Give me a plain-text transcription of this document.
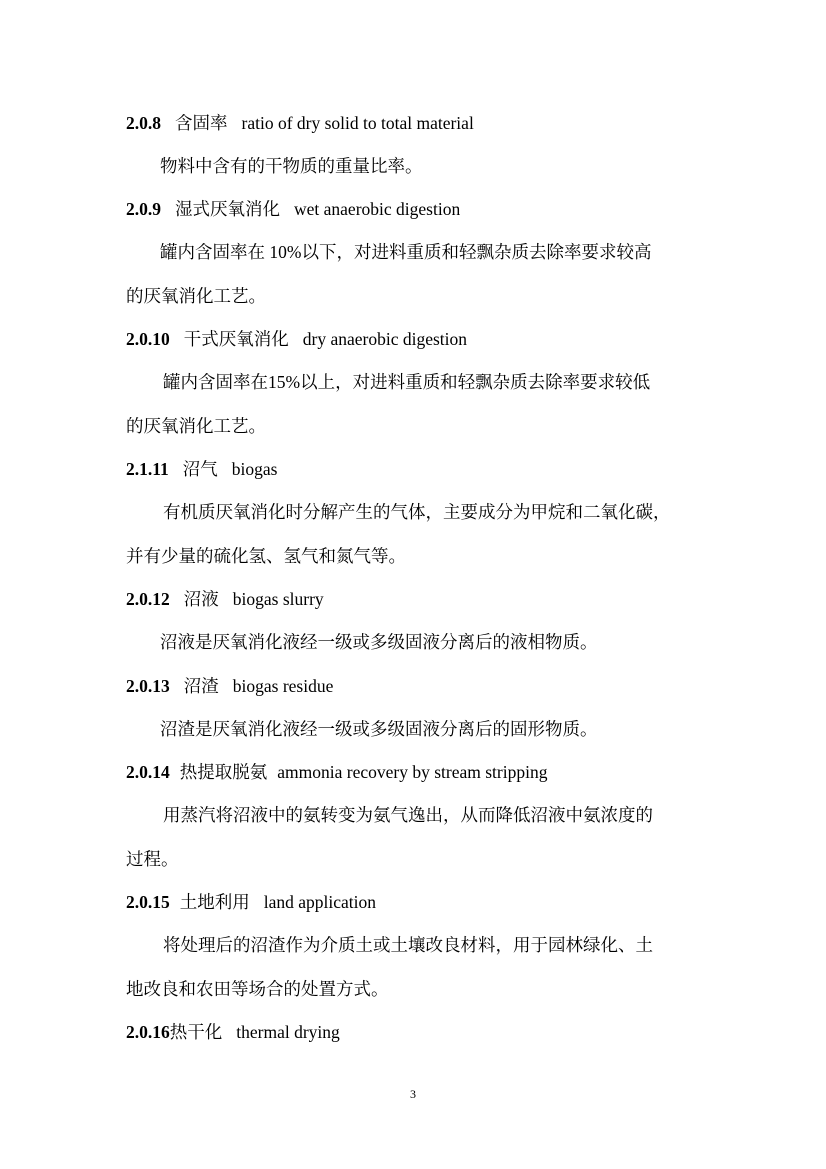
2.0.8 含固率 ratio of dry solid to total material
物料中含有的干物质的重量比率。
2.0.9 湿式厌氧消化 wet anaerobic digestion
罐内含固率在 10%以下，对进料重质和轻飘杂质去除率要求较高
的厌氧消化工艺。
2.0.10 干式厌氧消化 dry anaerobic digestion
罐内含固率在15%以上，对进料重质和轻飘杂质去除率要求较低
的厌氧消化工艺。
2.1.11 沼气 biogas
有机质厌氧消化时分解产生的气体，主要成分为甲烷和二氧化碳，
并有少量的硫化氢、氢气和氮气等。
2.0.12 沼液 biogas slurry
沼液是厌氧消化液经一级或多级固液分离后的液相物质。
2.0.13 沼渣 biogas residue
沼渣是厌氧消化液经一级或多级固液分离后的固形物质。
2.0.14 热提取脱氨 ammonia recovery by stream stripping
用蒸汽将沼液中的氨转变为氨气逸出，从而降低沼液中氨浓度的
过程。
2.0.15 土地利用 land application
将处理后的沼渣作为介质土或土壤改良材料，用于园林绿化、土
地改良和农田等场合的处置方式。
2.0.16热干化 thermal drying
3
